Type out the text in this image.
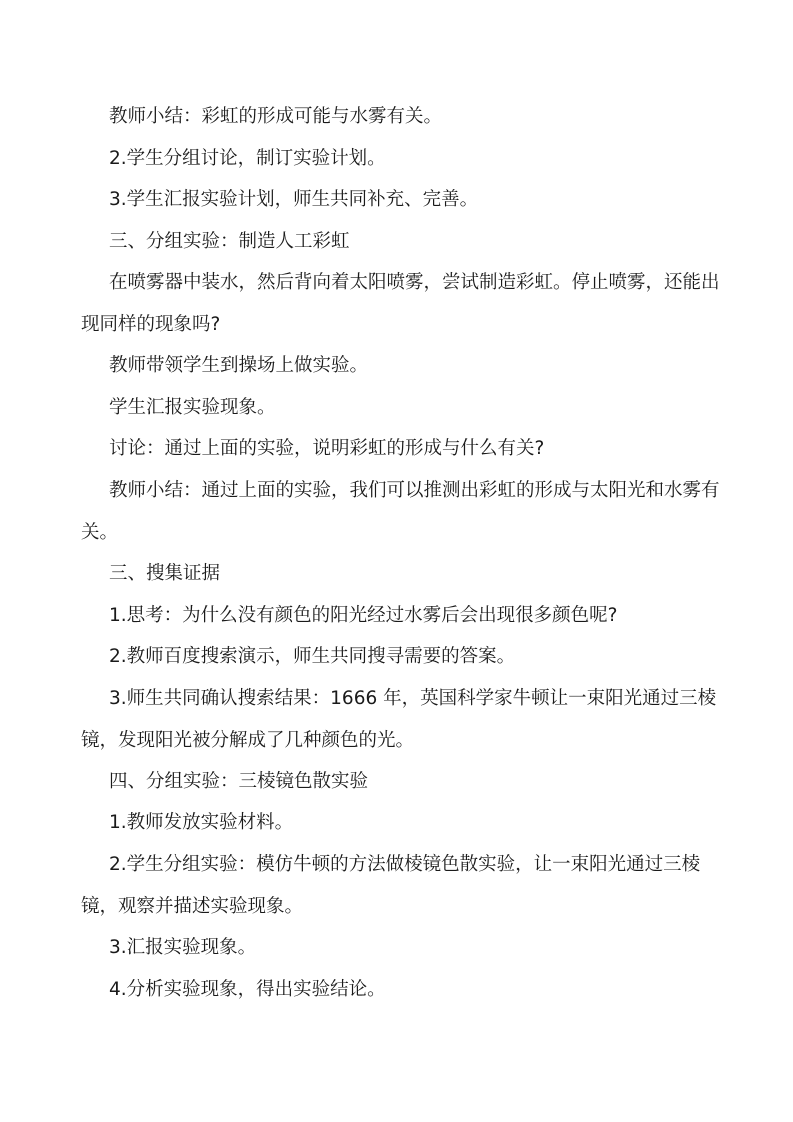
教师小结：彩虹的形成可能与水雾有关。

2.学生分组讨论，制订实验计划。

3.学生汇报实验计划，师生共同补充、完善。

三、分组实验：制造人工彩虹

在喷雾器中装水，然后背向着太阳喷雾，尝试制造彩虹。停止喷雾，还能出现同样的现象吗?

教师带领学生到操场上做实验。

学生汇报实验现象。

讨论：通过上面的实验，说明彩虹的形成与什么有关?

教师小结：通过上面的实验，我们可以推测出彩虹的形成与太阳光和水雾有关。

三、搜集证据

1.思考：为什么没有颜色的阳光经过水雾后会出现很多颜色呢?

2.教师百度搜索演示，师生共同搜寻需要的答案。

3.师生共同确认搜索结果：1666 年，英国科学家牛顿让一束阳光通过三棱镜，发现阳光被分解成了几种颜色的光。

四、分组实验：三棱镜色散实验

1.教师发放实验材料。

2.学生分组实验：模仿牛顿的方法做棱镜色散实验，让一束阳光通过三棱镜，观察并描述实验现象。

3.汇报实验现象。

4.分析实验现象，得出实验结论。
